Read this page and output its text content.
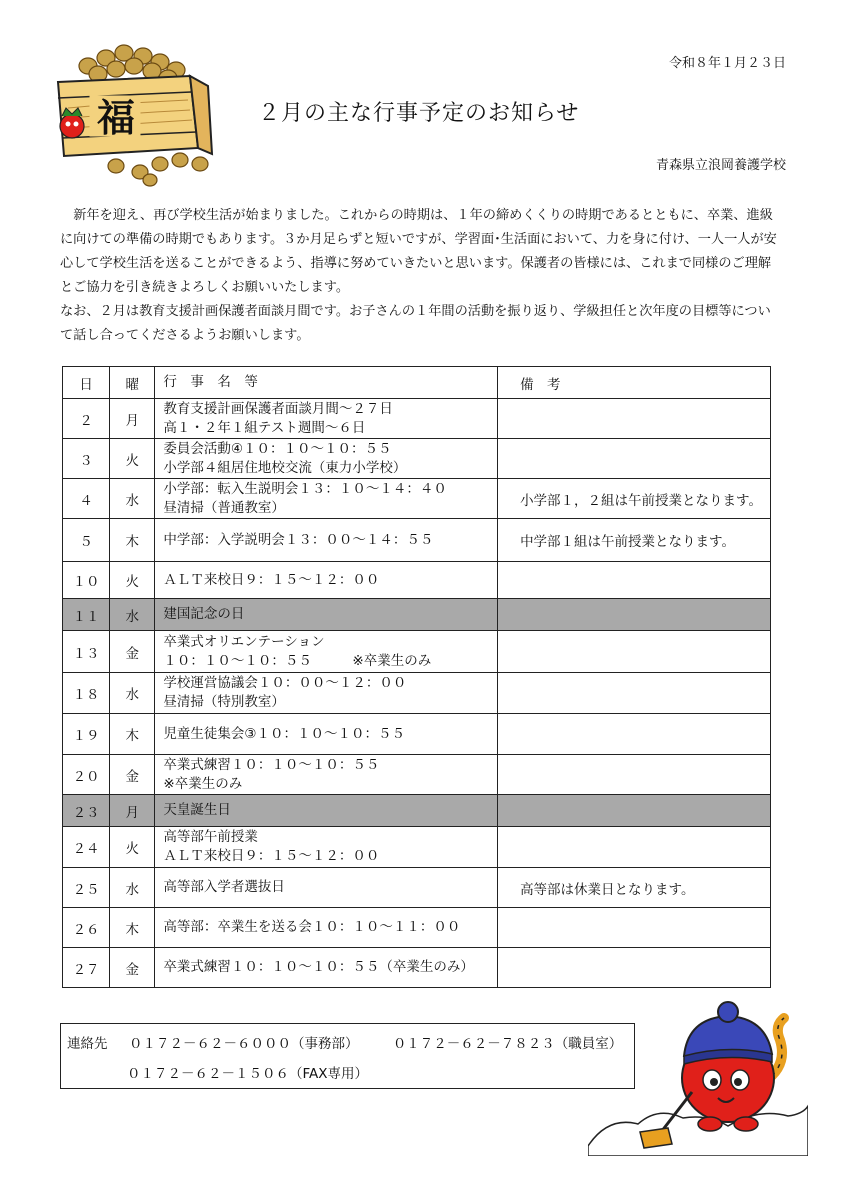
福
令和８年１月２３日
２月の主な行事予定のお知らせ
青森県立浪岡養護学校

新年を迎え、再び学校生活が始まりました。これからの時期は、１年の締めくくりの時期であるとともに、卒業、進級に向けての準備の時期でもあります。３か月足らずと短いですが、学習面･生活面において、力を身に付け、一人一人が安心して学校生活を送ることができるよう、指導に努めていきたいと思います。保護者の皆様には、これまで同様のご理解とご協力を引き続きよろしくお願いいたします。

なお、２月は教育支援計画保護者面談月間です。お子さんの１年間の活動を振り返り、学級担任と次年度の目標等について話し合ってくださるようお願いします。

日	曜	行　事　名　等	備　考
２	月	教育支援計画保護者面談月間～２７日
高１・２年１組テスト週間～６日	

３	火	委員会活動④１０：１０～１０：５５
小学部４組居住地校交流（東力小学校）	

４	水	小学部：転入生説明会１３：１０～１４：４０
昼清掃（普通教室）	小学部１，２組は午前授業となります。
５	木	中学部：入学説明会１３：００～１４：５５	中学部１組は午前授業となります。
１０	火	ＡＬＴ来校日９：１５～１２：００	

１１	水	建国記念の日	

１３	金	卒業式オリエンテーション
１０：１０～１０：５５　　　※卒業生のみ	

１８	水	学校運営協議会１０：００～１２：００
昼清掃（特別教室）	

１９	木	児童生徒集会③１０：１０～１０：５５	

２０	金	卒業式練習１０：１０～１０：５５
※卒業生のみ	

２３	月	天皇誕生日	

２４	火	高等部午前授業
ＡＬＴ来校日９：１５～１２：００	

２５	水	高等部入学者選抜日	高等部は休業日となります。
２６	木	高等部：卒業生を送る会１０：１０～１１：００	

２７	金	卒業式練習１０：１０～１０：５５（卒業生のみ）	

連絡先 ０１７２－６２－６０００（事務部）	０１７２－６２－７８２３（職員室）
０１７２－６２－１５０６（FAX専用）
